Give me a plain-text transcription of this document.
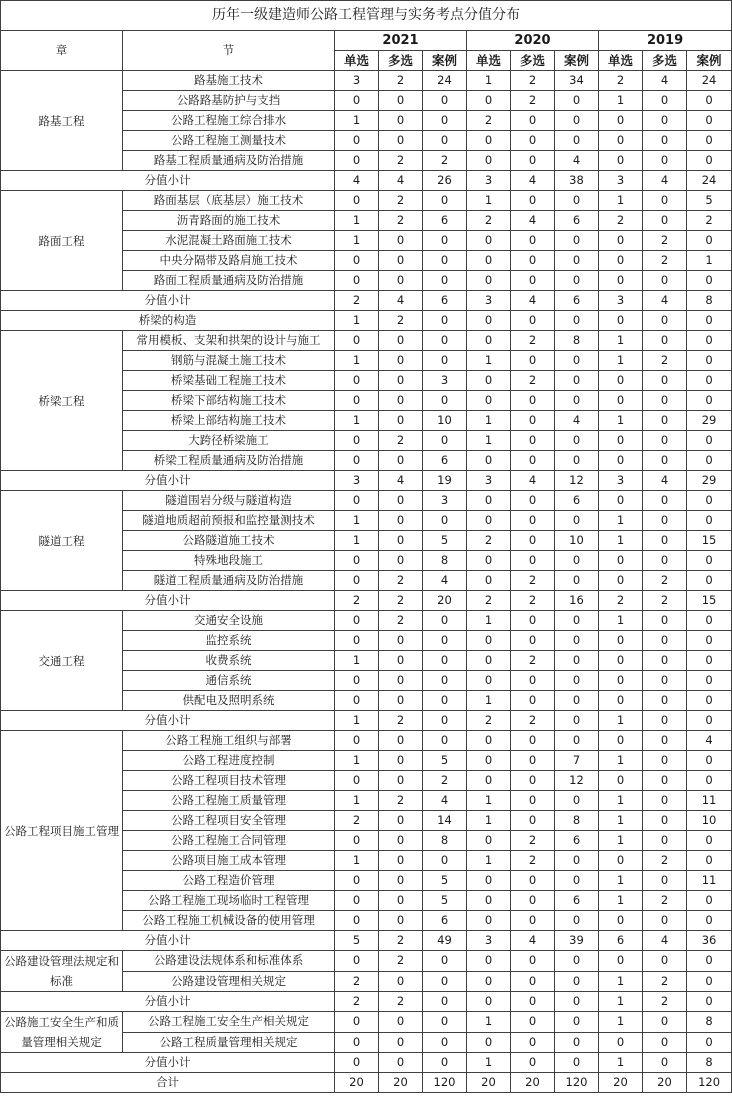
历年一级建造师公路工程管理与实务考点分值分布										
章	节	2021			2020			2019		
		单选	多选	案例	单选	多选	案例	单选	多选	案例
路基工程	路基施工技术	3	2	24	1	2	34	2	4	24
	公路路基防护与支挡	0	0	0	0	2	0	1	0	0
	公路工程施工综合排水	1	0	0	2	0	0	0	0	0
	公路工程施工测量技术	0	0	0	0	0	0	0	0	0
	路基工程质量通病及防治措施	0	2	2	0	0	4	0	0	0
分值小计		4	4	26	3	4	38	3	4	24
路面工程	路面基层（底基层）施工技术	0	2	0	1	0	0	1	0	5
	沥青路面的施工技术	1	2	6	2	4	6	2	0	2
	水泥混凝土路面施工技术	1	0	0	0	0	0	0	2	0
	中央分隔带及路肩施工技术	0	0	0	0	0	0	0	2	1
	路面工程质量通病及防治措施	0	0	0	0	0	0	0	0	0
分值小计		2	4	6	3	4	6	3	4	8
桥梁的构造		1	2	0	0	0	0	0	0	0
桥梁工程	常用模板、支架和拱架的设计与施工	0	0	0	0	2	8	1	0	0
	钢筋与混凝土施工技术	1	0	0	1	0	0	1	2	0
	桥梁基础工程施工技术	0	0	3	0	2	0	0	0	0
	桥梁下部结构施工技术	0	0	0	0	0	0	0	0	0
	桥梁上部结构施工技术	1	0	10	1	0	4	1	0	29
	大跨径桥梁施工	0	2	0	1	0	0	0	0	0
	桥梁工程质量通病及防治措施	0	0	6	0	0	0	0	0	0
分值小计		3	4	19	3	4	12	3	4	29
隧道工程	隧道围岩分级与隧道构造	0	0	3	0	0	6	0	0	0
	隧道地质超前预报和监控量测技术	1	0	0	0	0	0	1	0	0
	公路隧道施工技术	1	0	5	2	0	10	1	0	15
	特殊地段施工	0	0	8	0	0	0	0	0	0
	隧道工程质量通病及防治措施	0	2	4	0	2	0	0	2	0
分值小计		2	2	20	2	2	16	2	2	15
交通工程	交通安全设施	0	2	0	1	0	0	1	0	0
	监控系统	0	0	0	0	0	0	0	0	0
	收费系统	1	0	0	0	2	0	0	0	0
	通信系统	0	0	0	0	0	0	0	0	0
	供配电及照明系统	0	0	0	1	0	0	0	0	0
分值小计		1	2	0	2	2	0	1	0	0
公路工程项目施工管理	公路工程施工组织与部署	0	0	0	0	0	0	0	0	4
	公路工程进度控制	1	0	5	0	0	7	1	0	0
	公路工程项目技术管理	0	0	2	0	0	12	0	0	0
	公路工程施工质量管理	1	2	4	1	0	0	1	0	11
	公路工程项目安全管理	2	0	14	1	0	8	1	0	10
	公路工程施工合同管理	0	0	8	0	2	6	1	0	0
	公路项目施工成本管理	1	0	0	1	2	0	0	2	0
	公路工程造价管理	0	0	5	0	0	0	1	0	11
	公路工程施工现场临时工程管理	0	0	5	0	0	6	1	2	0
	公路工程施工机械设备的使用管理	0	0	6	0	0	0	0	0	0
分值小计		5	2	49	3	4	39	6	4	36
公路建设管理法规定和标准	公路建设法规体系和标准体系	0	2	0	0	0	0	0	0	0
	公路建设管理相关规定	2	0	0	0	0	0	1	2	0
分值小计		2	2	0	0	0	0	1	2	0
公路施工安全生产和质量管理相关规定	公路工程施工安全生产相关规定	0	0	0	1	0	0	1	0	8
	公路工程质量管理相关规定	0	0	0	0	0	0	0	0	0
分值小计		0	0	0	1	0	0	1	0	8
合计		20	20	120	20	20	120	20	20	120
